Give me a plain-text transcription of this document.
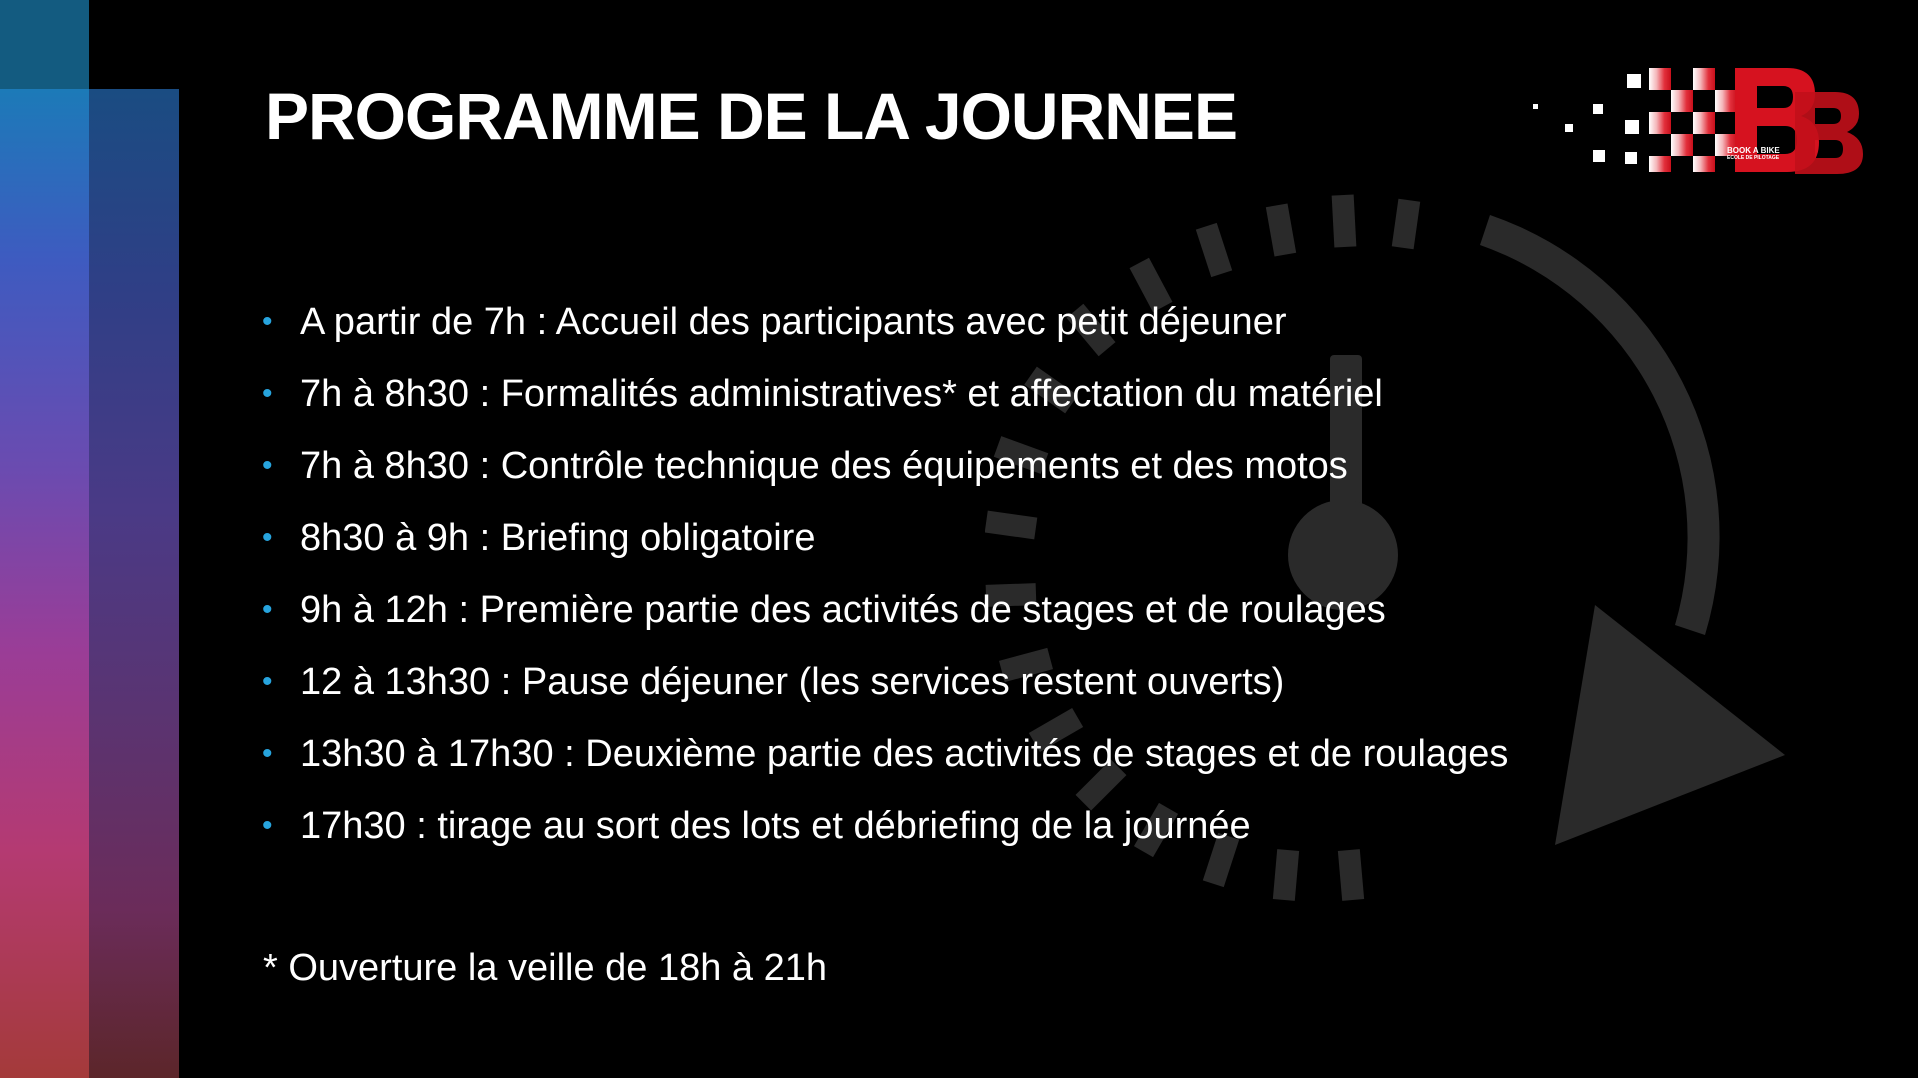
PROGRAMME DE LA JOURNEE	BOOK A BIKE
ECOLE DE PILOTAGE
• A partir de 7h : Accueil des participants avec petit déjeuner
• 7h à 8h30 : Formalités administratives* et affectation du matériel
• 7h à 8h30 : Contrôle technique des équipements et des motos
• 8h30 à 9h : Briefing obligatoire
• 9h à 12h : Première partie des activités de stages et de roulages
• 12 à 13h30 : Pause déjeuner (les services restent ouverts)
• 13h30 à 17h30 : Deuxième partie des activités de stages et de roulages
• 17h30 : tirage au sort des lots et débriefing de la journée
* Ouverture la veille de 18h à 21h
